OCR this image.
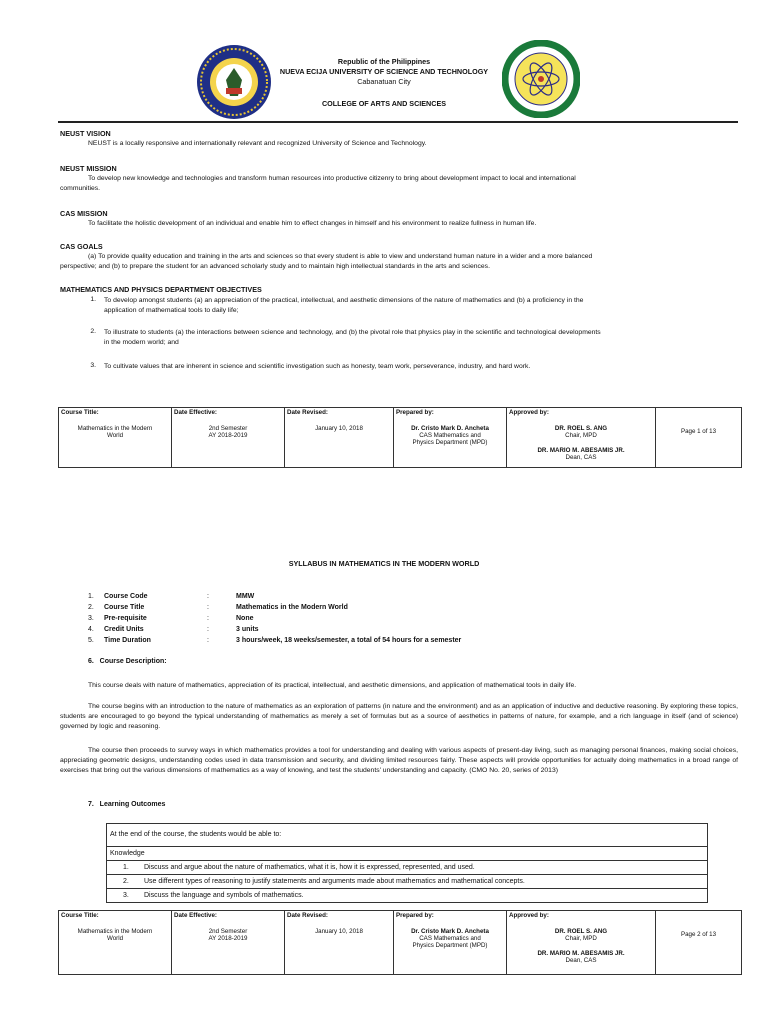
Republic of the Philippines
NUEVA ECIJA UNIVERSITY OF SCIENCE AND TECHNOLOGY
Cabanatuan City
COLLEGE OF ARTS AND SCIENCES
NEUST VISION
NEUST is a locally responsive and internationally relevant and recognized University of Science and Technology.
NEUST MISSION
To develop new knowledge and technologies and transform human resources into productive citizenry to bring about development impact to local and international
communities.
CAS MISSION
To facilitate the holistic development of an individual and enable him to effect changes in himself and his environment to realize fullness in human life.
CAS GOALS
(a) To provide quality education and training in the arts and sciences so that every student is able to view and understand human nature in a wider and a more balanced
perspective; and (b) to prepare the student for an advanced scholarly study and to maintain high intellectual standards in the arts and sciences.
MATHEMATICS AND PHYSICS DEPARTMENT OBJECTIVES
1. To develop amongst students (a) an appreciation of the practical, intellectual, and aesthetic dimensions of the nature of mathematics and (b) a proficiency in the
application of mathematical tools to daily life;
2. To illustrate to students (a) the interactions between science and technology, and (b) the pivotal role that physics play in the scientific and technological developments
in the modern world; and
3. To cultivate values that are inherent in science and scientific investigation such as honesty, team work, perseverance, industry, and hard work.
Course Title:
Mathematics in the Modern
World

Date Effective:
2nd Semester
AY 2018-2019

Date Revised:
January 10, 2018

Prepared by:
Dr. Cristo Mark D. Ancheta
CAS Mathematics and
Physics Department (MPD)

Approved by:
DR. ROEL S. ANG
Chair, MPD
DR. MARIO M. ABESAMIS JR.
Dean, CAS

Page 1 of 13
SYLLABUS IN MATHEMATICS IN THE MODERN WORLD
1. Course Code	:	MMW
2. Course Title	:	Mathematics in the Modern World
3. Pre-requisite	:	None
4. Credit Units	:	3 units
5. Time Duration	:	3 hours/week, 18 weeks/semester, a total of 54 hours for a semester
6.   Course Description:
This course deals with nature of mathematics, appreciation of its practical, intellectual, and aesthetic dimensions, and application of mathematical tools in daily life.
The course begins with an introduction to the nature of mathematics as an exploration of patterns (in nature and the environment) and as an application of inductive and deductive reasoning. By exploring these topics, students are encouraged to go beyond the typical understanding of mathematics as merely a set of formulas but as a source of aesthetics in patterns of nature, for example, and a rich language in itself (and of science) governed by logic and reasoning.
The course then proceeds to survey ways in which mathematics provides a tool for understanding and dealing with various aspects of present-day living, such as managing personal finances, making social choices, appreciating geometric designs, understanding codes used in data transmission and security, and dividing limited resources fairly. These aspects will provide opportunities for actually doing mathematics in a broad range of exercises that bring out the various dimensions of mathematics as a way of knowing, and test the students' understanding and capacity. (CMO No. 20, series of 2013)
7.   Learning Outcomes
At the end of the course, the students would be able to:
Knowledge
1. Discuss and argue about the nature of mathematics, what it is, how it is expressed, represented, and used.
2. Use different types of reasoning to justify statements and arguments made about mathematics and mathematical concepts.
3. Discuss the language and symbols of mathematics.
Course Title:
Mathematics in the Modern
World

Date Effective:
2nd Semester
AY 2018-2019

Date Revised:
January 10, 2018

Prepared by:
Dr. Cristo Mark D. Ancheta
CAS Mathematics and
Physics Department (MPD)

Approved by:
DR. ROEL S. ANG
Chair, MPD
DR. MARIO M. ABESAMIS JR.
Dean, CAS

Page 2 of 13
